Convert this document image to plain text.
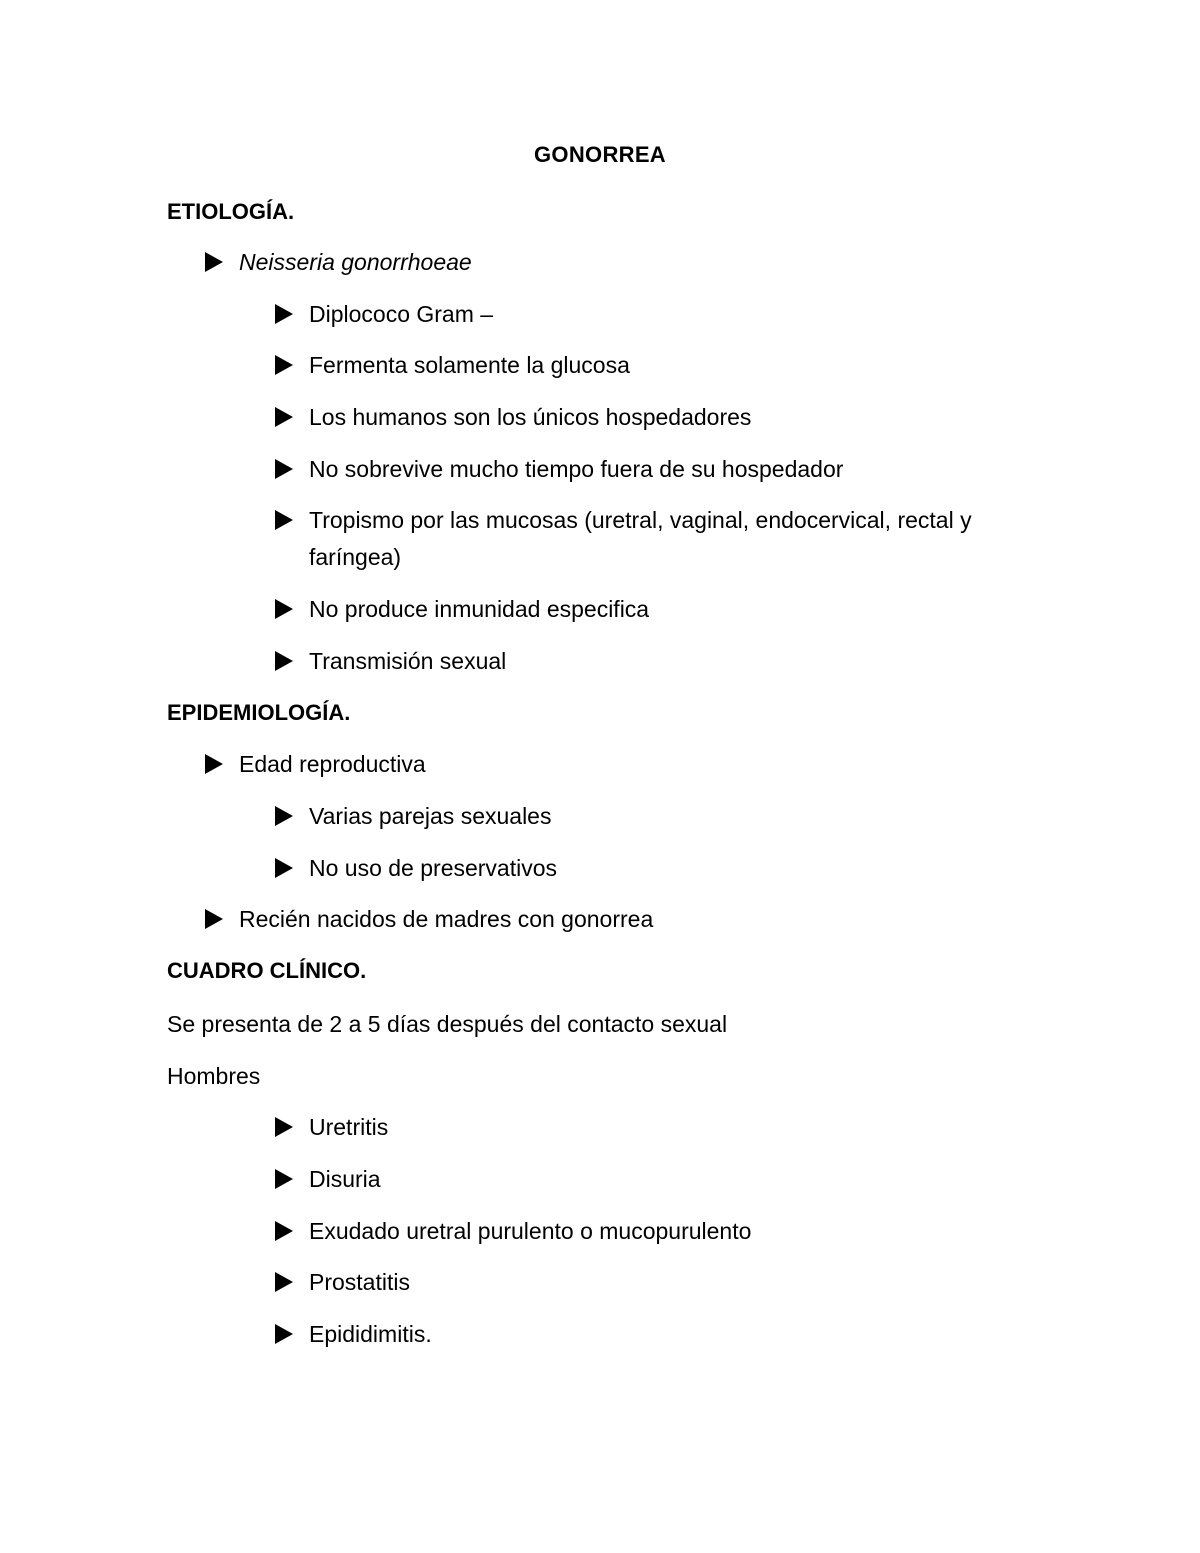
GONORREA
ETIOLOGÍA.
Neisseria gonorrhoeae
Diplococo Gram –
Fermenta solamente la glucosa
Los humanos son los únicos hospedadores
No sobrevive mucho tiempo fuera de su hospedador
Tropismo por las mucosas (uretral, vaginal, endocervical, rectal y
faríngea)
No produce inmunidad especifica
Transmisión sexual
EPIDEMIOLOGÍA.
Edad reproductiva
Varias parejas sexuales
No uso de preservativos
Recién nacidos de madres con gonorrea
CUADRO CLÍNICO.
Se presenta de 2 a 5 días después del contacto sexual
Hombres
Uretritis
Disuria
Exudado uretral purulento o mucopurulento
Prostatitis
Epididimitis.
